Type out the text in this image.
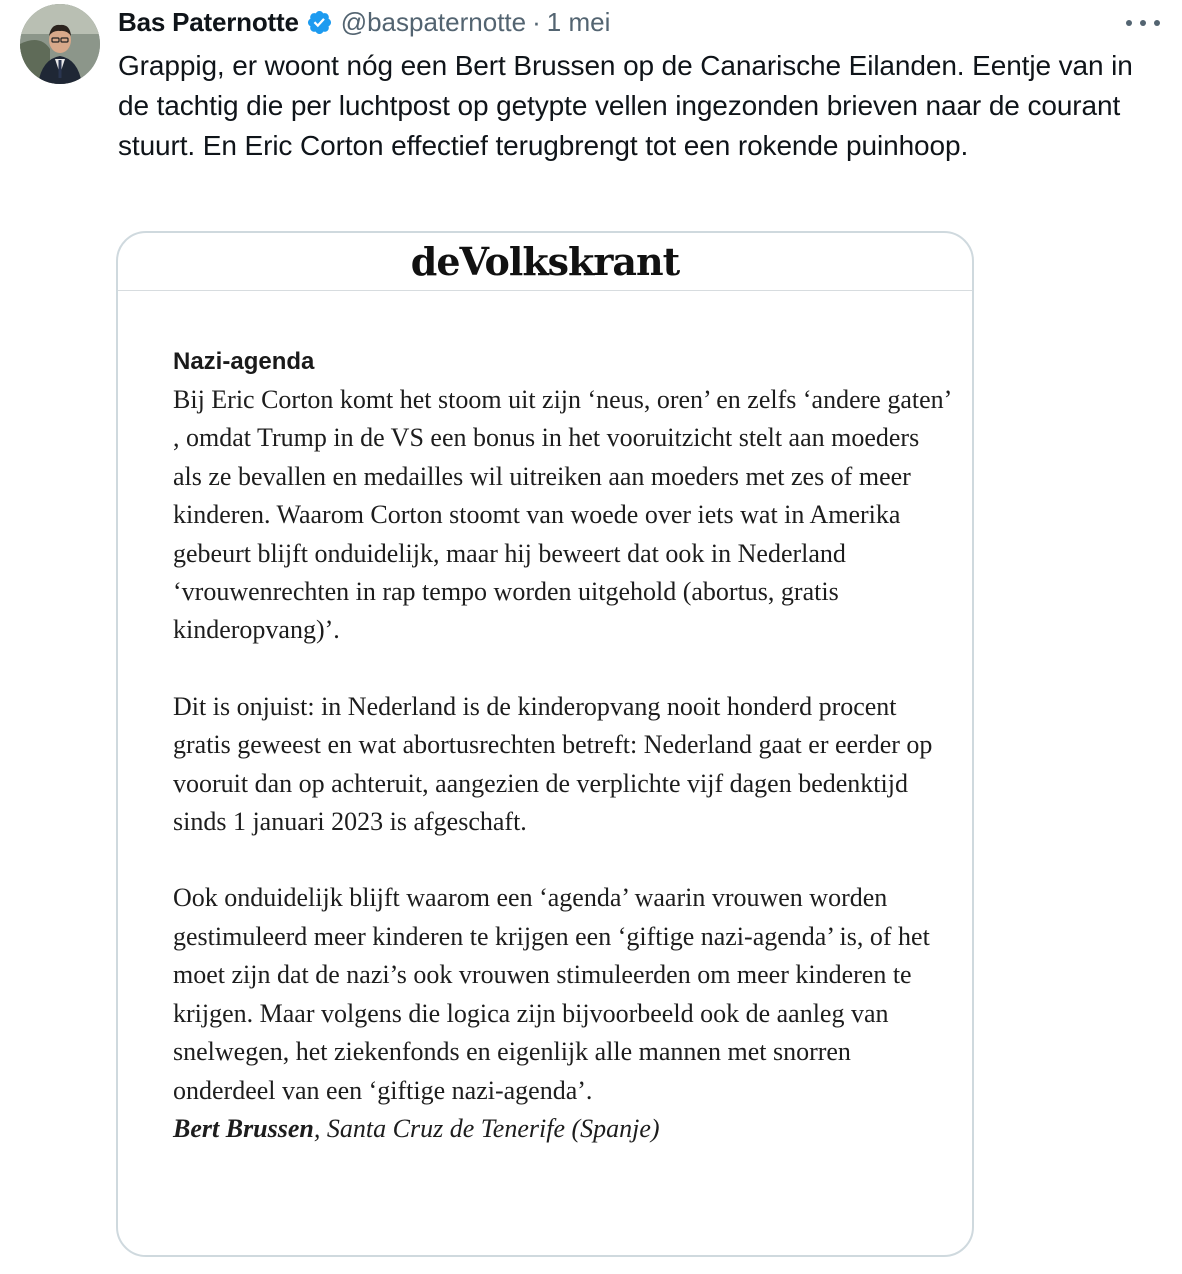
Bas Paternotte @baspaternotte · 1 mei
Grappig, er woont nóg een Bert Brussen op de Canarische Eilanden. Eentje van in de tachtig die per luchtpost op getypte vellen ingezonden brieven naar de courant stuurt. En Eric Corton effectief terugbrengt tot een rokende puinhoop.
deVolkskrant
Nazi-agenda

Bij Eric Corton komt het stoom uit zijn ‘neus, oren’ en zelfs ‘andere gaten’ , omdat Trump in de VS een bonus in het vooruitzicht stelt aan moeders als ze bevallen en medailles wil uitreiken aan moeders met zes of meer kinderen. Waarom Corton stoomt van woede over iets wat in Amerika gebeurt blijft onduidelijk, maar hij beweert dat ook in Nederland ‘vrouwenrechten in rap tempo worden uitgehold (abortus, gratis kinderopvang)’.

Dit is onjuist: in Nederland is de kinderopvang nooit honderd procent gratis geweest en wat abortusrechten betreft: Nederland gaat er eerder op vooruit dan op achteruit, aangezien de verplichte vijf dagen bedenktijd sinds 1 januari 2023 is afgeschaft.

Ook onduidelijk blijft waarom een ‘agenda’ waarin vrouwen worden gestimuleerd meer kinderen te krijgen een ‘giftige nazi-agenda’ is, of het moet zijn dat de nazi’s ook vrouwen stimuleerden om meer kinderen te krijgen. Maar volgens die logica zijn bijvoorbeeld ook de aanleg van snelwegen, het ziekenfonds en eigenlijk alle mannen met snorren onderdeel van een ‘giftige nazi-agenda’.

Bert Brussen, Santa Cruz de Tenerife (Spanje)
